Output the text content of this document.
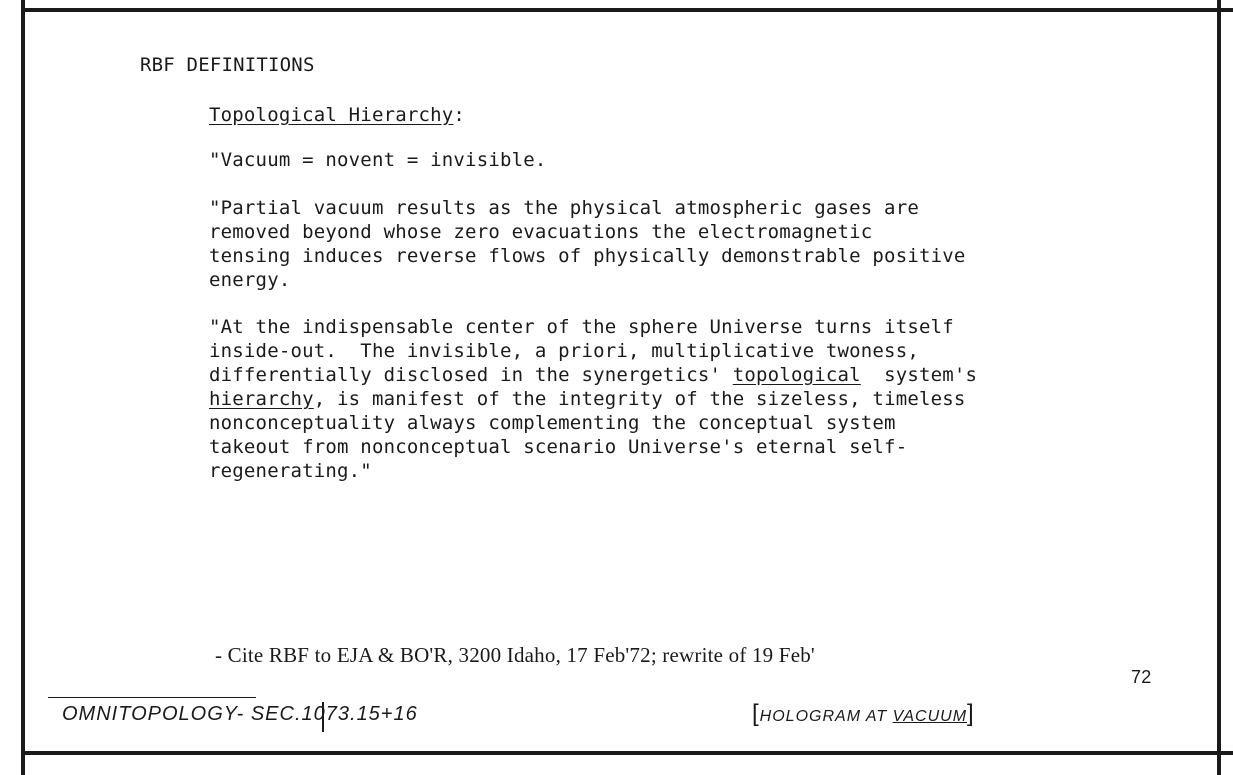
RBF DEFINITIONS

Topological Hierarchy:

"Vacuum = novent = invisible.

"Partial vacuum results as the physical atmospheric gases are
removed beyond whose zero evacuations the electromagnetic
tensing induces reverse flows of physically demonstrable positive
energy.
"At the indispensable center of the sphere Universe turns itself
inside-out.  The invisible, a priori, multiplicative twoness,
differentially disclosed in the synergetics' topological  system's
hierarchy, is manifest of the integrity of the sizeless, timeless
nonconceptuality always complementing the conceptual system
takeout from nonconceptual scenario Universe's eternal self-
regenerating."

- Cite RBF to EJA & BO'R, 3200 Idaho, 17 Feb'72; rewrite of 19 Feb'

72

OMNITOPOLOGY- SEC.1073.15+16	[HOLOGRAM AT VACUUM]
